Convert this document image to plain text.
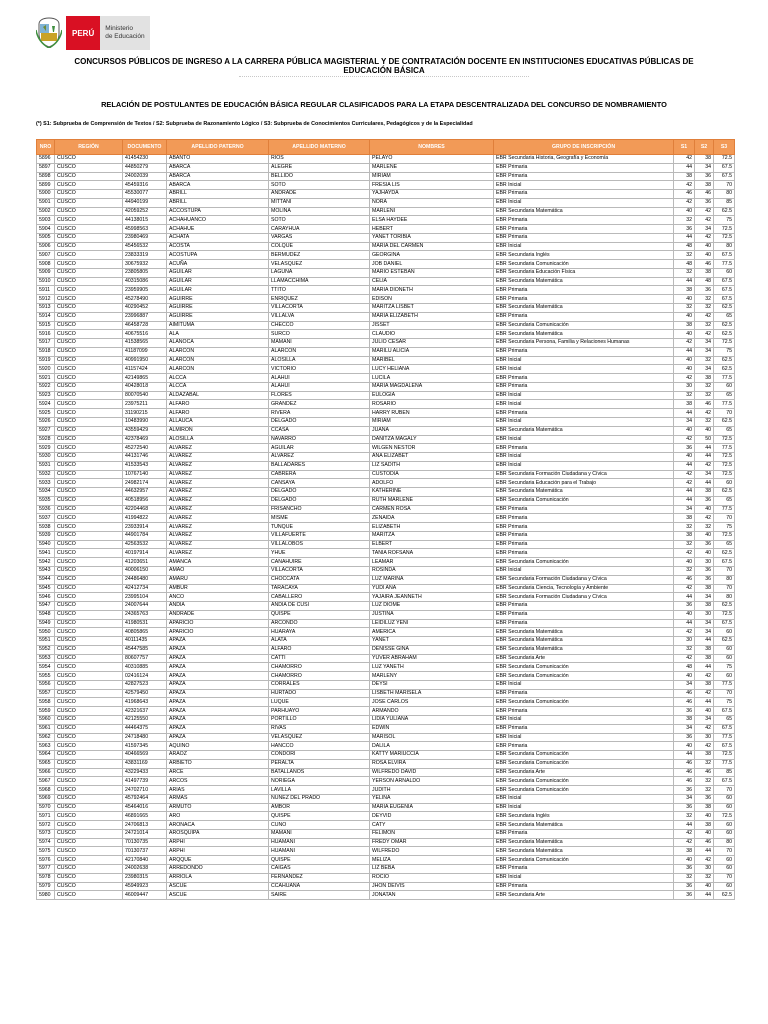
PERÚ	Ministerio
de Educación
CONCURSOS PÚBLICOS DE INGRESO A LA CARRERA PÚBLICA MAGISTERIAL Y DE CONTRATACIÓN DOCENTE EN INSTITUCIONES EDUCATIVAS PÚBLICAS DE EDUCACIÓN BÁSICA
RELACIÓN DE POSTULANTES DE EDUCACIÓN BÁSICA REGULAR CLASIFICADOS PARA LA ETAPA DESCENTRALIZADA DEL CONCURSO DE NOMBRAMIENTO
(*) S1: Subprueba de Comprensión de Textos / S2: Subprueba de Razonamiento Lógico / S3: Subprueba de Conocimientos Curriculares, Pedagógicos y de la Especialidad
NRO	REGIÓN	DOCUMENTO	APELLIDO PATERNO	APELLIDO MATERNO	NOMBRES	GRUPO DE INSCRIPCIÓN	S1	S2	S3
5896	CUSCO	41454230	ABANTO	RIOS	PELAYO	EBR Secundaria Historia, Geografía y Economía	42	38	72.5
5897	CUSCO	44850279	ABARCA	ALEGRE	MARLENE	EBR Primaria	44	34	67.5
5898	CUSCO	24002039	ABARCA	BELLIDO	MIRIAM	EBR Primaria	38	36	67.5
5899	CUSCO	45459316	ABARCA	SOTO	FRESIA LIS	EBR Inicial	42	38	70
5900	CUSCO	45530077	ABRILL	ANDRADE	YAJHAYDA	EBR Primaria	46	46	80
5901	CUSCO	44940199	ABRILL	MITTANI	NORA	EBR Inicial	42	36	85
5902	CUSCO	42059252	ACCOSTUPA	MOLINA	MARLENI	EBR Secundaria Matemática	40	42	62.5
5903	CUSCO	44138015	ACHAHUANCO	SOTO	ELSA HAYDEE	EBR Primaria	32	42	75
5904	CUSCO	45998563	ACHAHUE	CARAYHUA	HEBERT	EBR Primaria	36	34	72.5
5905	CUSCO	23980469	ACHATA	VARGAS	YANET TORIBIA	EBR Primaria	44	42	72.5
5906	CUSCO	45456532	ACOSTA	COLQUE	MARIA DEL CARMEN	EBR Inicial	48	40	80
5907	CUSCO	23833319	ACOSTUPA	BERMUDEZ	GEORGINA	EBR Secundaria Inglés	32	40	67.5
5908	CUSCO	30675932	ACUÑA	VELASQUEZ	JOB DANIEL	EBR Secundaria Comunicación	48	46	77.5
5909	CUSCO	23805805	AGUILAR	LAGUNA	MARIO ESTEBAN	EBR Secundaria Educación Física	32	38	60
5910	CUSCO	40315086	AGUILAR	LLAMACCHIMA	CELIA	EBR Secundaria Matemática	44	48	67.5
5911	CUSCO	23959905	AGUILAR	TTITO	MARIA DIONETH	EBR Primaria	38	36	67.5
5912	CUSCO	45278490	AGUIRRE	ENRIQUEZ	EDISON	EBR Primaria	40	32	67.5
5913	CUSCO	40290452	AGUIRRE	VILLACORTA	MARITZA LISBET	EBR Secundaria Matemática	32	32	62.5
5914	CUSCO	23996887	AGUIRRE	VILLALVA	MARIA ELIZABETH	EBR Primaria	40	42	65
5915	CUSCO	46458728	AIMITUMA	CHECCO	JISSET	EBR Secundaria Comunicación	38	32	62.5
5916	CUSCO	40675516	ALA	SURCO	CLAUDIO	EBR Secundaria Matemática	40	42	62.5
5917	CUSCO	41538565	ALANOCA	MAMANI	JULIO CESAR	EBR Secundaria Persona, Familia y Relaciones Humanas	42	34	72.5
5918	CUSCO	41187099	ALARCON	ALARCON	MARILU ALICIA	EBR Primaria	44	34	75
5919	CUSCO	40991950	ALARCON	ALOSILLA	MARIBEL	EBR Inicial	40	32	62.5
5920	CUSCO	41157424	ALARCON	VICTORIO	LUCY HELIANA	EBR Inicial	40	34	62.5
5921	CUSCO	42149865	ALCCA	ALAHUI	LUCILA	EBR Primaria	42	38	77.5
5922	CUSCO	40428018	ALCCA	ALAHUI	MARIA MAGDALENA	EBR Primaria	30	32	60
5923	CUSCO	80070540	ALDAZABAL	FLORES	EULOGIA	EBR Inicial	32	32	65
5924	CUSCO	23975211	ALFARO	GRANDEZ	ROSARIO	EBR Inicial	38	46	77.5
5925	CUSCO	31190215	ALFARO	RIVERA	HARRY RUBEN	EBR Primaria	44	42	70
5926	CUSCO	10483990	ALLAUCA	DELGADO	MIRIAM	EBR Inicial	34	32	62.5
5927	CUSCO	43559429	ALMIRON	CCASA	JUANA	EBR Secundaria Matemática	40	40	65
5928	CUSCO	42378469	ALOSILLA	NAVARRO	DANITZA MAGALY	EBR Inicial	42	50	72.5
5929	CUSCO	45272540	ALVAREZ	AGUILAR	WILGEN NESTOR	EBR Primaria	36	44	77.5
5930	CUSCO	44131746	ALVAREZ	ALVAREZ	ANA ELIZABET	EBR Inicial	40	44	72.5
5931	CUSCO	41533543	ALVAREZ	BALLADARES	LIZ SADITH	EBR Inicial	44	42	72.5
5932	CUSCO	10767140	ALVAREZ	CABRERA	CUSTODIA	EBR Secundaria Formación Ciudadana y Cívica	42	34	72.5
5933	CUSCO	24982174	ALVAREZ	CANSAYA	ADOLFO	EBR Secundaria Educación para el Trabajo	42	44	60
5934	CUSCO	44632957	ALVAREZ	DELGADO	KATHERINE	EBR Secundaria Matemática	44	38	62.5
5935	CUSCO	40518956	ALVAREZ	DELGADO	RUTH MARLENE	EBR Secundaria Comunicación	44	36	65
5936	CUSCO	42204468	ALVAREZ	FRISANCHO	CARMEN ROSA	EBR Primaria	34	40	77.5
5937	CUSCO	41994822	ALVAREZ	MISME	ZENAIDA	EBR Primaria	38	42	70
5938	CUSCO	23933914	ALVAREZ	TUNQUE	ELIZABETH	EBR Primaria	32	32	75
5939	CUSCO	44901784	ALVAREZ	VILLAFUERTE	MARITZA	EBR Primaria	38	40	72.5
5940	CUSCO	42563532	ALVAREZ	VILLALOBOS	ELBERT	EBR Primaria	32	36	65
5941	CUSCO	40197914	ALVAREZ	YHUE	TANIA ROFSANA	EBR Primaria	42	40	62.5
5942	CUSCO	41203651	AMANCA	CANAHUIRE	LEAMAR	EBR Secundaria Comunicación	40	30	67.5
5943	CUSCO	40006150	AMAO	VILLACORTA	ROSINDA	EBR Inicial	32	36	70
5944	CUSCO	24486480	AMARU	CHOCCATA	LUZ MARINA	EBR Secundaria Formación Ciudadana y Cívica	46	36	80
5945	CUSCO	42412734	AMBUR	TARACAYA	YUDI ANA	EBR Secundaria Ciencia, Tecnología y Ambiente	42	38	70
5946	CUSCO	23995104	ANCO	CABALLERO	YAJAIRA JEANNETH	EBR Secundaria Formación Ciudadana y Cívica	44	34	80
5947	CUSCO	24007644	ANDIA	ANDIA DE CUSI	LUZ DIOME	EBR Primaria	36	38	62.5
5948	CUSCO	24365763	ANDRADE	QUISPE	JUSTINA	EBR Primaria	40	30	72.5
5949	CUSCO	41980531	APARICIO	ARCONDO	LEIDILUZ YENI	EBR Primaria	44	34	67.5
5950	CUSCO	40805865	APARICIO	HUARAYA	AMERICA	EBR Secundaria Matemática	42	34	60
5951	CUSCO	40111435	APAZA	ALATA	YANET	EBR Secundaria Matemática	30	44	62.5
5952	CUSCO	45447585	APAZA	ALFARO	DENISSE GINA	EBR Secundaria Matemática	32	38	60
5953	CUSCO	80607757	APAZA	CATTI	YUVER ABRAHAM	EBR Secundaria Arte	42	38	60
5954	CUSCO	40310885	APAZA	CHAMORRO	LUZ YANETH	EBR Secundaria Comunicación	48	44	75
5955	CUSCO	02416124	APAZA	CHAMORRO	MARLENY	EBR Secundaria Comunicación	40	42	60
5956	CUSCO	42827523	APAZA	CORRALES	DEYSI	EBR Inicial	34	38	77.5
5957	CUSCO	42579450	APAZA	HURTADO	LISBETH MARISELA	EBR Primaria	46	42	70
5958	CUSCO	41968643	APAZA	LUQUE	JOSE CARLOS	EBR Secundaria Comunicación	46	44	75
5959	CUSCO	42321637	APAZA	PARHUAYO	ARMANDO	EBR Primaria	36	40	67.5
5960	CUSCO	42125550	APAZA	PORTILLO	LIDIA YULIANA	EBR Inicial	38	34	65
5961	CUSCO	44464375	APAZA	RIVAS	EDWIN	EBR Primaria	34	42	67.5
5962	CUSCO	24718480	APAZA	VELASQUEZ	MARISOL	EBR Inicial	36	30	77.5
5963	CUSCO	41597345	AQUINO	HANCCO	DALILA	EBR Primaria	40	42	67.5
5964	CUSCO	40466569	ARAOZ	CONDORI	KATTY MARIUCCIA	EBR Secundaria Comunicación	44	38	72.5
5965	CUSCO	43831169	ARBIETO	PERALTA	ROSA ELVIRA	EBR Secundaria Comunicación	46	32	77.5
5966	CUSCO	43229433	ARCE	BATALLANOS	WILFREDO DAVID	EBR Secundaria Arte	46	46	85
5967	CUSCO	41497739	ARCOS	NORIEGA	YERSON ARNALDO	EBR Secundaria Comunicación	46	32	67.5
5968	CUSCO	24702710	ARIAS	LAVILLA	JUDITH	EBR Secundaria Comunicación	36	32	70
5969	CUSCO	45792464	ARMAS	NUÑEZ DEL PRADO	YELINA	EBR Inicial	34	36	60
5970	CUSCO	45464016	ARMUTO	AMBOR	MARIA EUGENIA	EBR Inicial	36	38	60
5971	CUSCO	46891665	ARO	QUISPE	DEYVID	EBR Secundaria Inglés	32	40	72.5
5972	CUSCO	24706813	ARONACA	CUNO	CATY	EBR Secundaria Matemática	44	38	60
5973	CUSCO	24721014	AROSQUIPA	MAMANI	FELIMON	EBR Primaria	42	40	60
5974	CUSCO	70130735	ARPHI	HUAMANI	FREDY OMAR	EBR Secundaria Matemática	42	46	80
5975	CUSCO	70130737	ARPHI	HUAMANI	WILFREDO	EBR Secundaria Matemática	38	44	70
5976	CUSCO	42170840	ARQQUE	QUISPE	MELIZA	EBR Secundaria Comunicación	40	42	60
5977	CUSCO	24002638	ARREDONDO	CAIGAS	LIZ BEBA	EBR Primaria	36	30	60
5978	CUSCO	23980315	ARRIOLA	FERNANDEZ	ROCIO	EBR Inicial	32	32	70
5979	CUSCO	45949923	ASCUE	CCAHUANA	JHON DEIVIS	EBR Primaria	36	40	60
5980	CUSCO	46009447	ASCUE	SAIRE	JONATAN	EBR Secundaria Arte	36	44	62.5
